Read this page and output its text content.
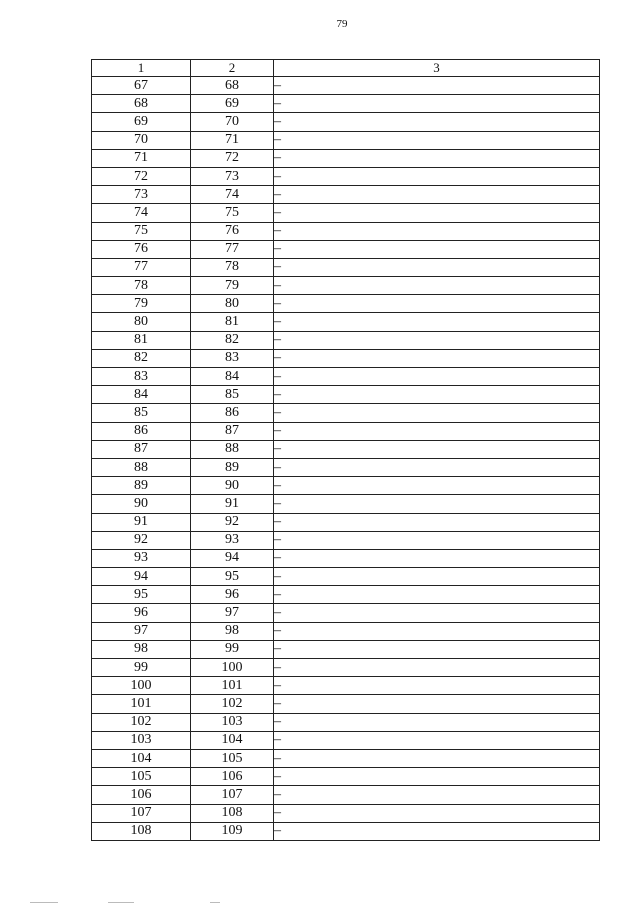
79
1	2	3
67	68	–
68	69	–
69	70	–
70	71	–
71	72	–
72	73	–
73	74	–
74	75	–
75	76	–
76	77	–
77	78	–
78	79	–
79	80	–
80	81	–
81	82	–
82	83	–
83	84	–
84	85	–
85	86	–
86	87	–
87	88	–
88	89	–
89	90	–
90	91	–
91	92	–
92	93	–
93	94	–
94	95	–
95	96	–
96	97	–
97	98	–
98	99	–
99	100	–
100	101	–
101	102	–
102	103	–
103	104	–
104	105	–
105	106	–
106	107	–
107	108	–
108	109	–
